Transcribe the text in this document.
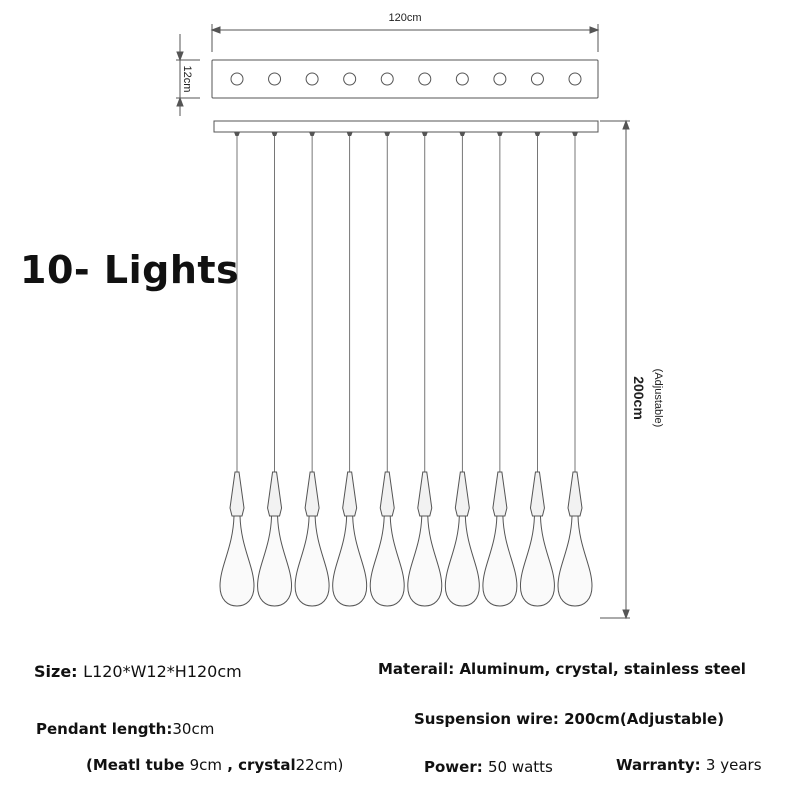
120cm
12cm
200cm (Adjustable)
10- Lights
Size: L120*W12*H120cm	Materail: Aluminum, crystal, stainless steel
Pendant length:30cm
Suspension wire: 200cm(Adjustable)
(Meatl tube 9cm , crystal22cm)	Power: 50 watts	Warranty: 3 years
